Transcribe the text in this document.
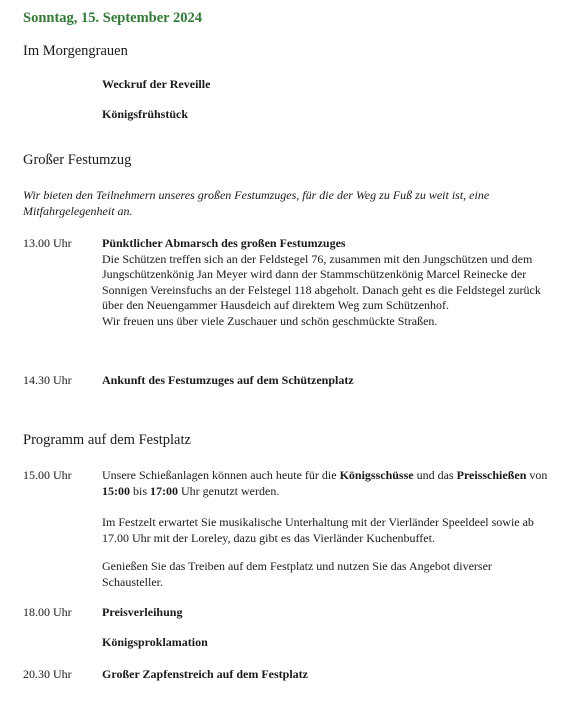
Sonntag, 15. September 2024
Im Morgengrauen
Weckruf der Reveille
Königsfrühstück
Großer Festumzug
Wir bieten den Teilnehmern unseres großen Festumzuges, für die der Weg zu Fuß zu weit ist, eine Mitfahrgelegenheit an.
13.00 Uhr	Pünktlicher Abmarsch des großen Festumzuges
Die Schützen treffen sich an der Feldstegel 76, zusammen mit den Jungschützen und dem Jungschützenkönig Jan Meyer wird dann der Stammschützenkönig Marcel Reinecke der Sonnigen Vereinsfuchs an der Felstegel 118 abgeholt. Danach geht es die Feldstegel zurück über den Neuengammer Hausdeich auf direktem Weg zum Schützenhof.
Wir freuen uns über viele Zuschauer und schön geschmückte Straßen.
14.30 Uhr	Ankunft des Festumzuges auf dem Schützenplatz
Programm auf dem Festplatz
15.00 Uhr	Unsere Schießanlagen können auch heute für die Königsschüsse und das Preisschießen von 15:00 bis 17:00 Uhr genutzt werden.
Im Festzelt erwartet Sie musikalische Unterhaltung mit der Vierländer Speeldeel sowie ab 17.00 Uhr mit der Loreley, dazu gibt es das Vierländer Kuchenbuffet.
Genießen Sie das Treiben auf dem Festplatz und nutzen Sie das Angebot diverser Schausteller.
18.00 Uhr	Preisverleihung
Königsproklamation
20.30 Uhr	Großer Zapfenstreich auf dem Festplatz
